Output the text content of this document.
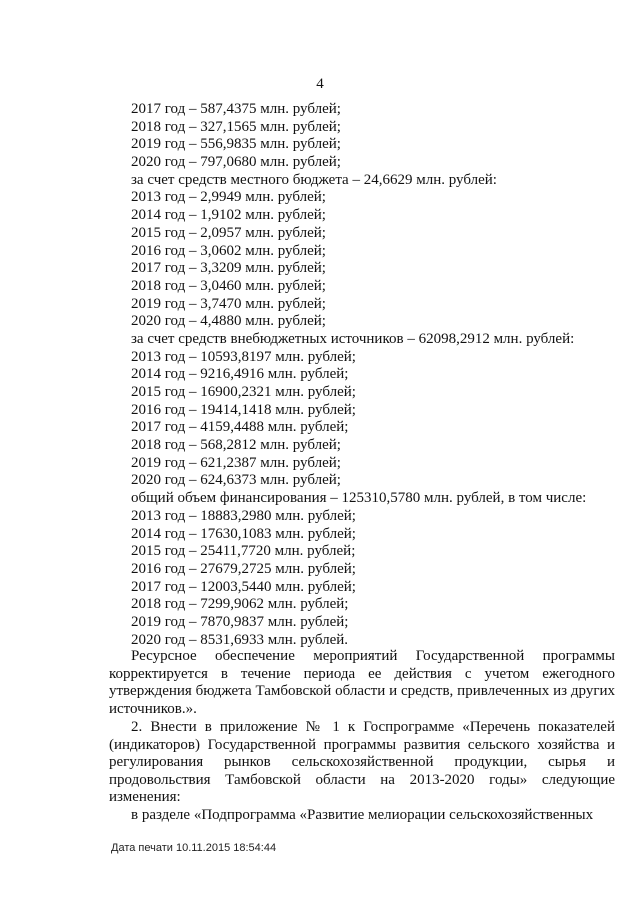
4
2017 год – 587,4375 млн. рублей;
2018 год – 327,1565 млн. рублей;
2019 год – 556,9835 млн. рублей;
2020 год – 797,0680 млн. рублей;
за счет средств местного бюджета – 24,6629 млн. рублей:
2013 год – 2,9949 млн. рублей;
2014 год – 1,9102 млн. рублей;
2015 год – 2,0957 млн. рублей;
2016 год – 3,0602 млн. рублей;
2017 год – 3,3209 млн. рублей;
2018 год – 3,0460 млн. рублей;
2019 год – 3,7470 млн. рублей;
2020 год – 4,4880 млн. рублей;
за счет средств внебюджетных источников – 62098,2912 млн. рублей:
2013 год – 10593,8197 млн. рублей;
2014 год – 9216,4916 млн. рублей;
2015 год – 16900,2321 млн. рублей;
2016 год – 19414,1418 млн. рублей;
2017 год – 4159,4488 млн. рублей;
2018 год – 568,2812 млн. рублей;
2019 год – 621,2387 млн. рублей;
2020 год – 624,6373 млн. рублей;
общий объем финансирования – 125310,5780 млн. рублей, в том числе:
2013 год – 18883,2980 млн. рублей;
2014 год – 17630,1083 млн. рублей;
2015 год – 25411,7720 млн. рублей;
2016 год – 27679,2725 млн. рублей;
2017 год – 12003,5440 млн. рублей;
2018 год – 7299,9062 млн. рублей;
2019 год – 7870,9837 млн. рублей;
2020 год – 8531,6933 млн. рублей.
Ресурсное обеспечение мероприятий Государственной программы корректируется в течение периода ее действия с учетом ежегодного утверждения бюджета Тамбовской области и средств, привлеченных из других источников.».
2. Внести в приложение № 1 к Госпрограмме «Перечень показателей (индикаторов) Государственной программы развития сельского хозяйства и регулирования рынков сельскохозяйственной продукции, сырья и продовольствия Тамбовской области на 2013-2020 годы» следующие изменения:
в разделе «Подпрограмма «Развитие мелиорации сельскохозяйственных
Дата печати 10.11.2015 18:54:44
